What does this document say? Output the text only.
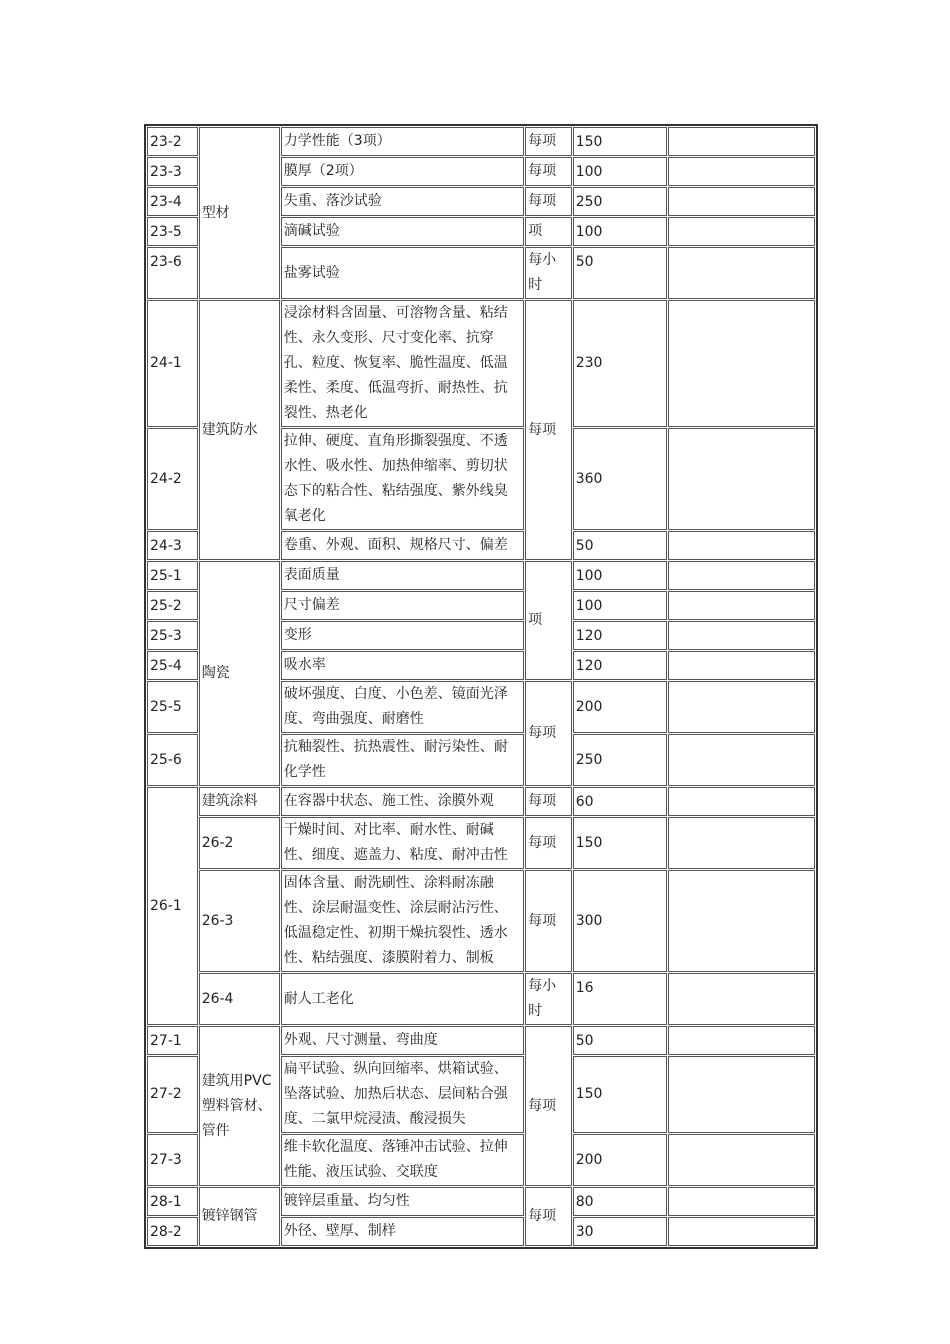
23-2	型材	力学性能（3项）	每项	150	
23-3		膜厚（2项）	每项	100	
23-4		失重、落沙试验	每项	250	
23-5		滴碱试验	项	100	
23-6		盐雾试验	每小时	50	
24-1	建筑防水	浸涂材料含固量、可溶物含量、粘结性、永久变形、尺寸变化率、抗穿孔、粒度、恢复率、脆性温度、低温柔性、柔度、低温弯折、耐热性、抗裂性、热老化	每项	230	
24-2		拉伸、硬度、直角形撕裂强度、不透水性、吸水性、加热伸缩率、剪切状态下的粘合性、粘结强度、紫外线臭氧老化		360	
24-3		卷重、外观、面积、规格尺寸、偏差		50	
25-1	陶瓷	表面质量	项	100	
25-2		尺寸偏差		100	
25-3		变形		120	
25-4		吸水率		120	
25-5		破坏强度、白度、小色差、镜面光泽度、弯曲强度、耐磨性	每项	200	
25-6		抗釉裂性、抗热震性、耐污染性、耐化学性		250	
26-1	建筑涂料	在容器中状态、施工性、涂膜外观	每项	60	
	26-2	干燥时间、对比率、耐水性、耐碱性、细度、遮盖力、粘度、耐冲击性	每项	150	
	26-3	固体含量、耐洗刷性、涂料耐冻融性、涂层耐温变性、涂层耐沾污性、低温稳定性、初期干燥抗裂性、透水性、粘结强度、漆膜附着力、制板	每项	300	
	26-4	耐人工老化	每小时	16	
27-1	建筑用PVC塑料管材、管件	外观、尺寸测量、弯曲度	每项	50	
27-2		扁平试验、纵向回缩率、烘箱试验、坠落试验、加热后状态、层间粘合强度、二氯甲烷浸渍、酸浸损失		150	
27-3		维卡软化温度、落锤冲击试验、拉伸性能、液压试验、交联度		200	
28-1	镀锌钢管	镀锌层重量、均匀性	每项	80	
28-2		外径、壁厚、制样		30	
